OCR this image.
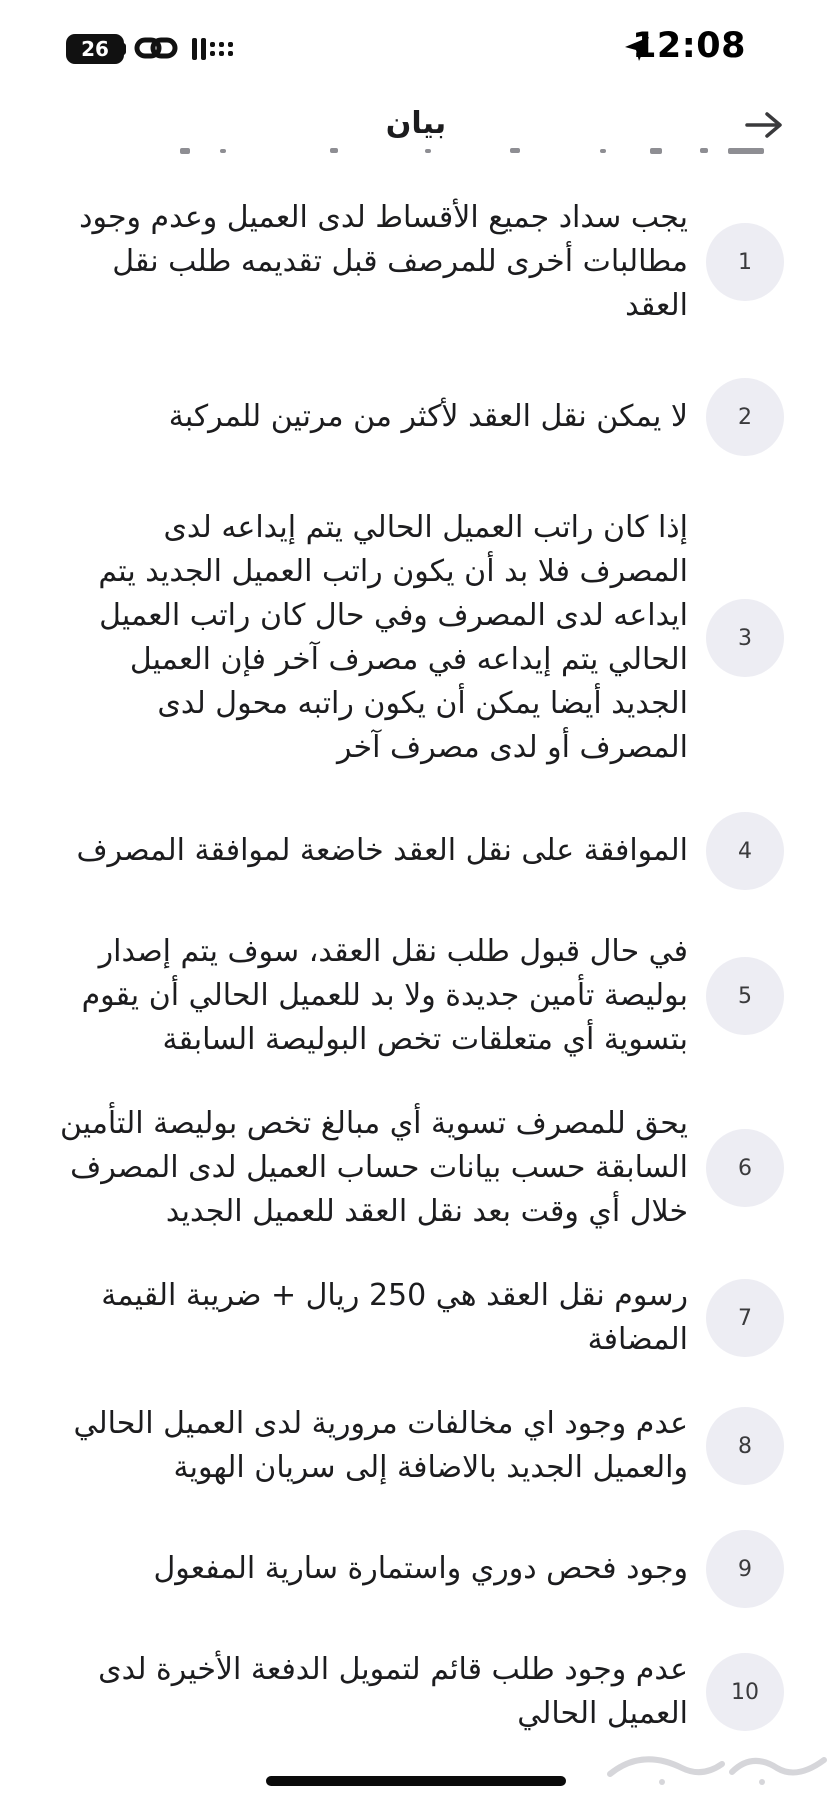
26	12:08
بيان
1
يجب سداد جميع الأقساط لدى العميل وعدم وجود مطالبات أخرى للمرصف قبل تقديمه طلب نقل العقد
2
لا يمكن نقل العقد لأكثر من مرتين للمركبة
3
إذا كان راتب العميل الحالي يتم إيداعه لدى المصرف فلا بد أن يكون راتب العميل الجديد يتم ايداعه لدى المصرف وفي حال كان راتب العميل الحالي يتم إيداعه في مصرف آخر فإن العميل الجديد أيضا يمكن أن يكون راتبه محول لدى المصرف أو لدى مصرف آخر
4
الموافقة على نقل العقد خاضعة لموافقة المصرف
5
في حال قبول طلب نقل العقد، سوف يتم إصدار بوليصة تأمين جديدة ولا بد للعميل الحالي أن يقوم بتسوية أي متعلقات تخص البوليصة السابقة
6
يحق للمصرف تسوية أي مبالغ تخص بوليصة التأمين السابقة حسب بيانات حساب العميل لدى المصرف خلال أي وقت بعد نقل العقد للعميل الجديد
7
رسوم نقل العقد هي 250 ريال + ضريبة القيمة المضافة
8
عدم وجود اي مخالفات مرورية لدى العميل الحالي والعميل الجديد بالاضافة إلى سريان الهوية
9
وجود فحص دوري واستمارة سارية المفعول
10
عدم وجود طلب قائم لتمويل الدفعة الأخيرة لدى العميل الحالي
